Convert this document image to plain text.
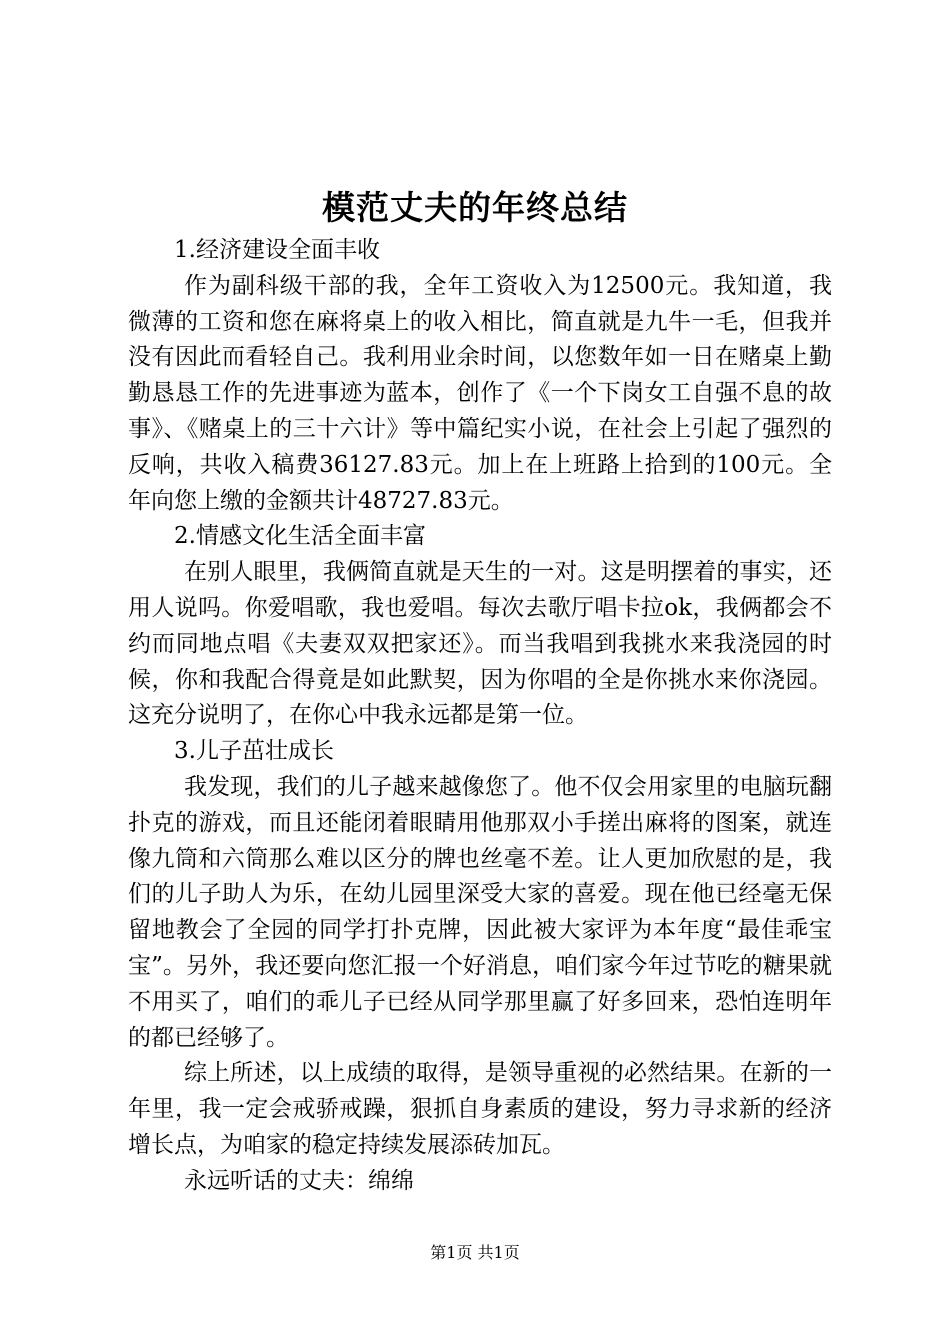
模范丈夫的年终总结

1.经济建设全面丰收

作为副科级干部的我，全年工资收入为12500元。我知道，我微薄的工资和您在麻将桌上的收入相比，简直就是九牛一毛，但我并没有因此而看轻自己。我利用业余时间，以您数年如一日在赌桌上勤勤恳恳工作的先进事迹为蓝本，创作了《一个下岗女工自强不息的故事》、《赌桌上的三十六计》等中篇纪实小说，在社会上引起了强烈的反响，共收入稿费36127.83元。加上在上班路上拾到的100元。全年向您上缴的金额共计48727.83元。

2.情感文化生活全面丰富

在别人眼里，我俩简直就是天生的一对。这是明摆着的事实，还用人说吗。你爱唱歌，我也爱唱。每次去歌厅唱卡拉ok，我俩都会不约而同地点唱《夫妻双双把家还》。而当我唱到我挑水来我浇园的时候，你和我配合得竟是如此默契，因为你唱的全是你挑水来你浇园。这充分说明了，在你心中我永远都是第一位。

3.儿子茁壮成长

我发现，我们的儿子越来越像您了。他不仅会用家里的电脑玩翻扑克的游戏，而且还能闭着眼睛用他那双小手搓出麻将的图案，就连像九筒和六筒那么难以区分的牌也丝毫不差。让人更加欣慰的是，我们的儿子助人为乐，在幼儿园里深受大家的喜爱。现在他已经毫无保留地教会了全园的同学打扑克牌，因此被大家评为本年度“最佳乖宝宝”。另外，我还要向您汇报一个好消息，咱们家今年过节吃的糖果就不用买了，咱们的乖儿子已经从同学那里赢了好多回来，恐怕连明年的都已经够了。

综上所述，以上成绩的取得，是领导重视的必然结果。在新的一年里，我一定会戒骄戒躁，狠抓自身素质的建设，努力寻求新的经济增长点，为咱家的稳定持续发展添砖加瓦。

永远听话的丈夫：绵绵

第1页 共1页
